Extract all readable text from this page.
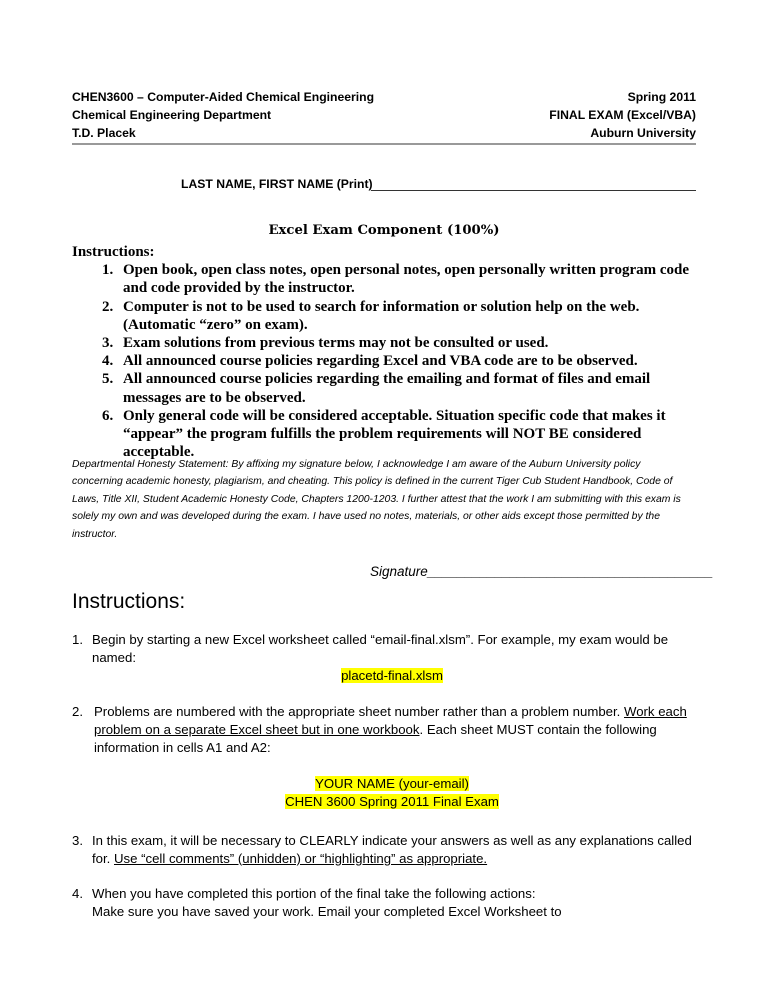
CHEN3600 – Computer-Aided Chemical Engineering
Chemical Engineering Department
T.D. Placek
Spring 2011
FINAL EXAM (Excel/VBA)
Auburn University
LAST NAME, FIRST NAME (Print)
Excel Exam Component (100%)
Instructions:
1. Open book, open class notes, open personal notes, open personally written program code and code provided by the instructor.
2. Computer is not to be used to search for information or solution help on the web. (Automatic “zero” on exam).
3. Exam solutions from previous terms may not be consulted or used.
4. All announced course policies regarding Excel and VBA code are to be observed.
5. All announced course policies regarding the emailing and format of files and email messages are to be observed.
6. Only general code will be considered acceptable. Situation specific code that makes it “appear” the program fulfills the problem requirements will NOT BE considered acceptable.
Departmental Honesty Statement: By affixing my signature below, I acknowledge I am aware of the Auburn University policy concerning academic honesty, plagiarism, and cheating. This policy is defined in the current Tiger Cub Student Handbook, Code of Laws, Title XII, Student Academic Honesty Code, Chapters 1200-1203. I further attest that the work I am submitting with this exam is solely my own and was developed during the exam. I have used no notes, materials, or other aids except those permitted by the instructor.
Signature______________________________________
Instructions:
1. Begin by starting a new Excel worksheet called “email-final.xlsm”. For example, my exam would be named:
placetd-final.xlsm
2. Problems are numbered with the appropriate sheet number rather than a problem number. Work each problem on a separate Excel sheet but in one workbook. Each sheet MUST contain the following information in cells A1 and A2:
YOUR NAME (your-email)
CHEN 3600 Spring 2011 Final Exam
3. In this exam, it will be necessary to CLEARLY indicate your answers as well as any explanations called for. Use “cell comments” (unhidden) or “highlighting” as appropriate.
4. When you have completed this portion of the final take the following actions:
Make sure you have saved your work. Email your completed Excel Worksheet to
